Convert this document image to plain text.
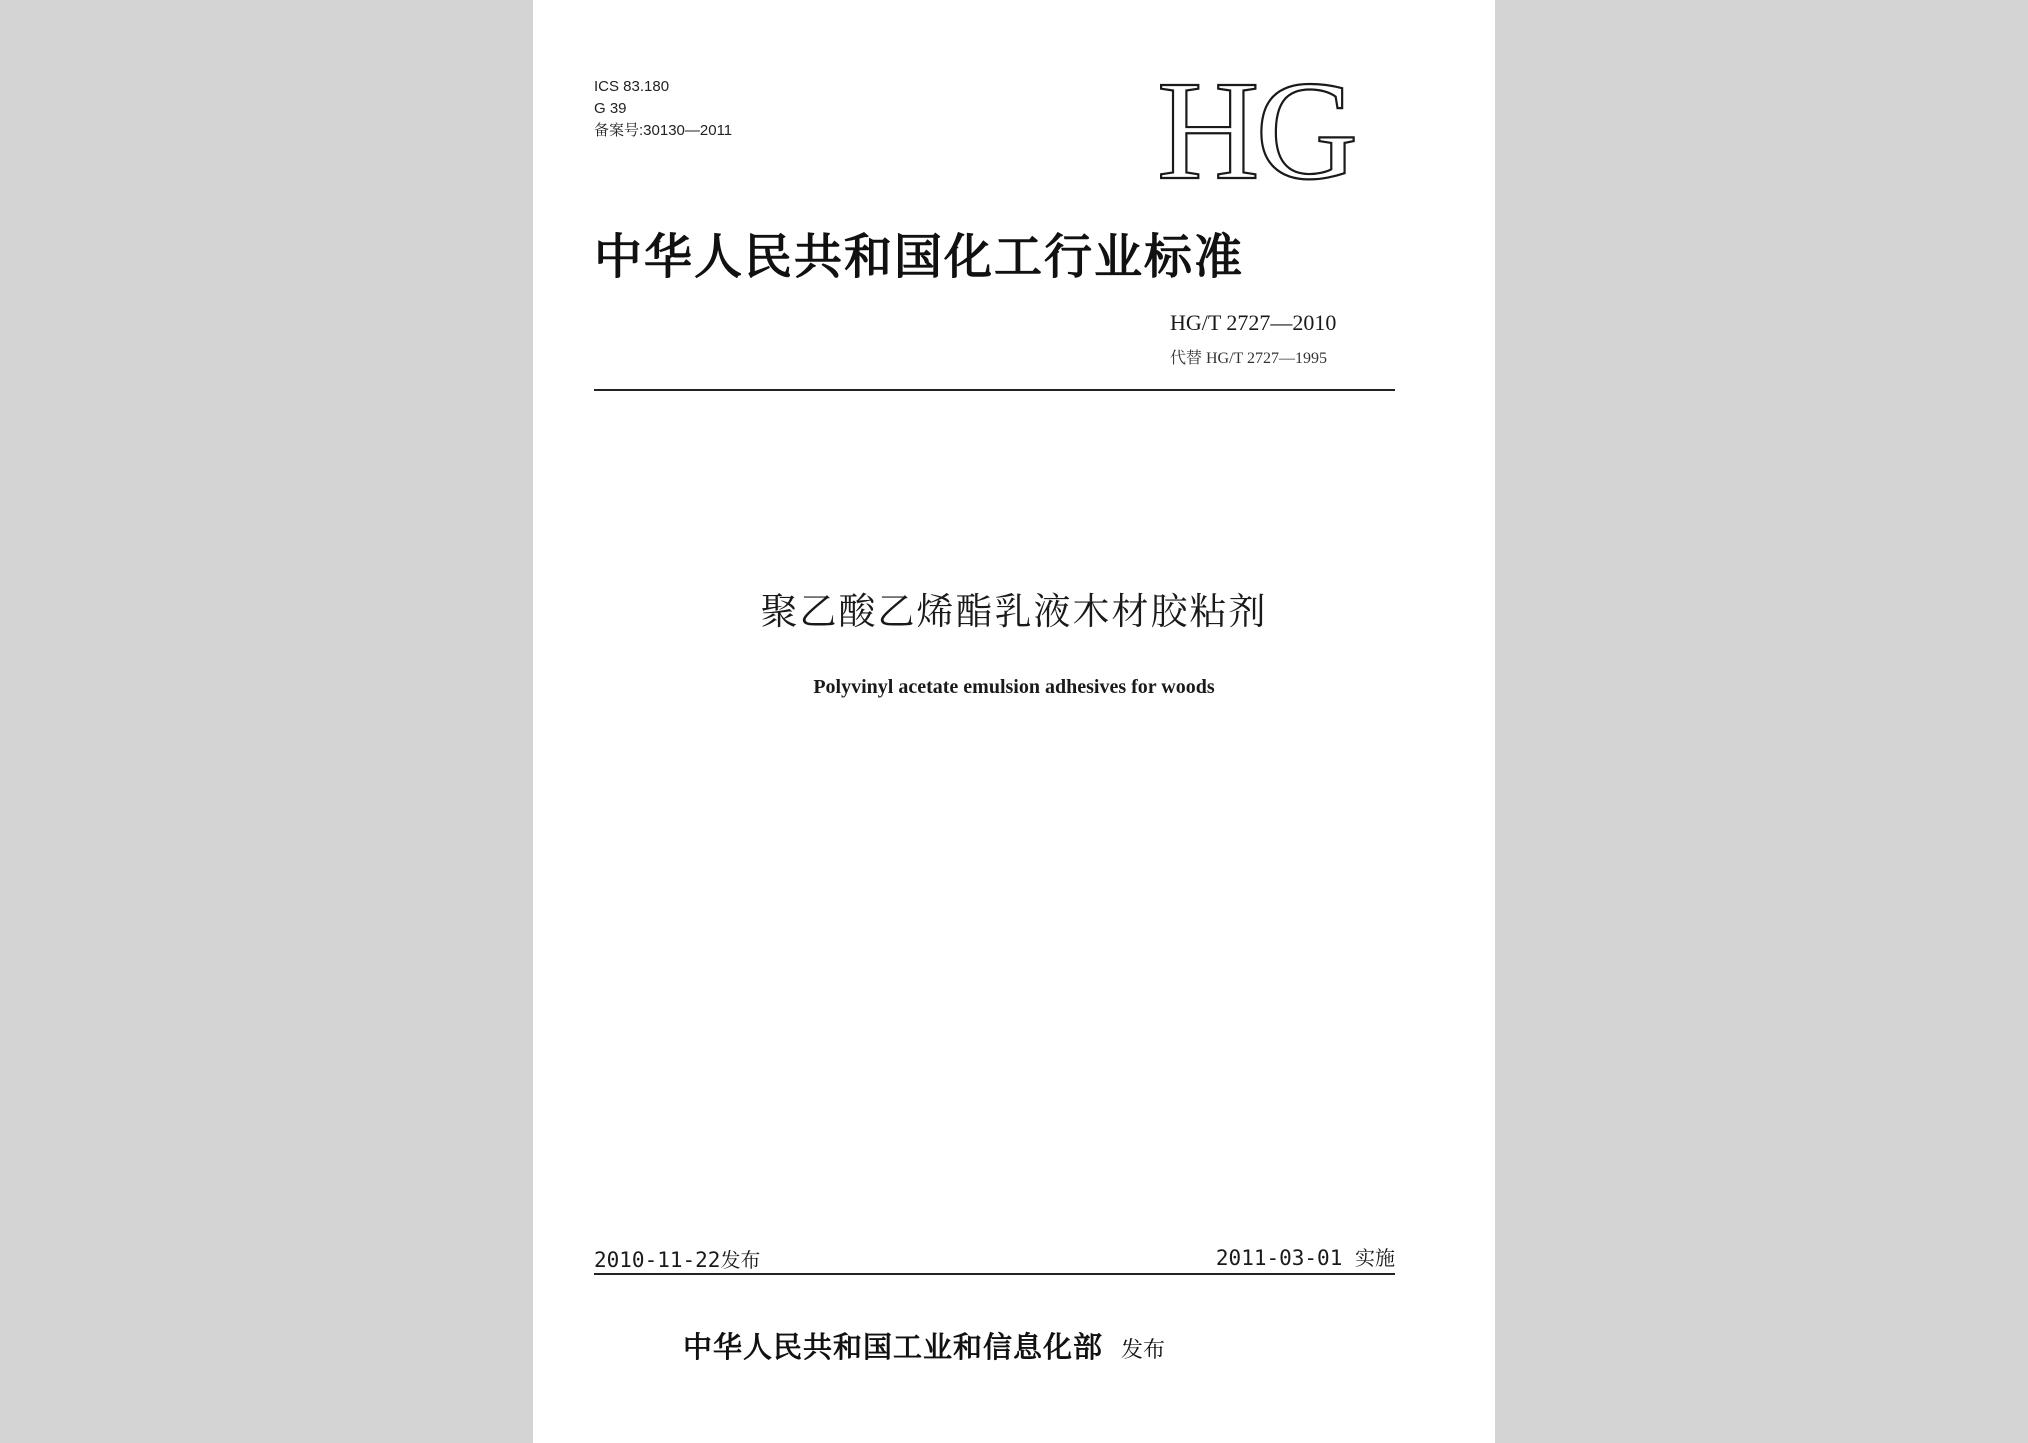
ICS 83.180
G 39
备案号:30130—2011	HG
中华人民共和国化工行业标准
HG/T 2727—2010
代替 HG/T 2727—1995
聚乙酸乙烯酯乳液木材胶粘剂
Polyvinyl acetate emulsion adhesives for woods
2010-11-22发布	2011-03-01 实施
中华人民共和国工业和信息化部 发布
